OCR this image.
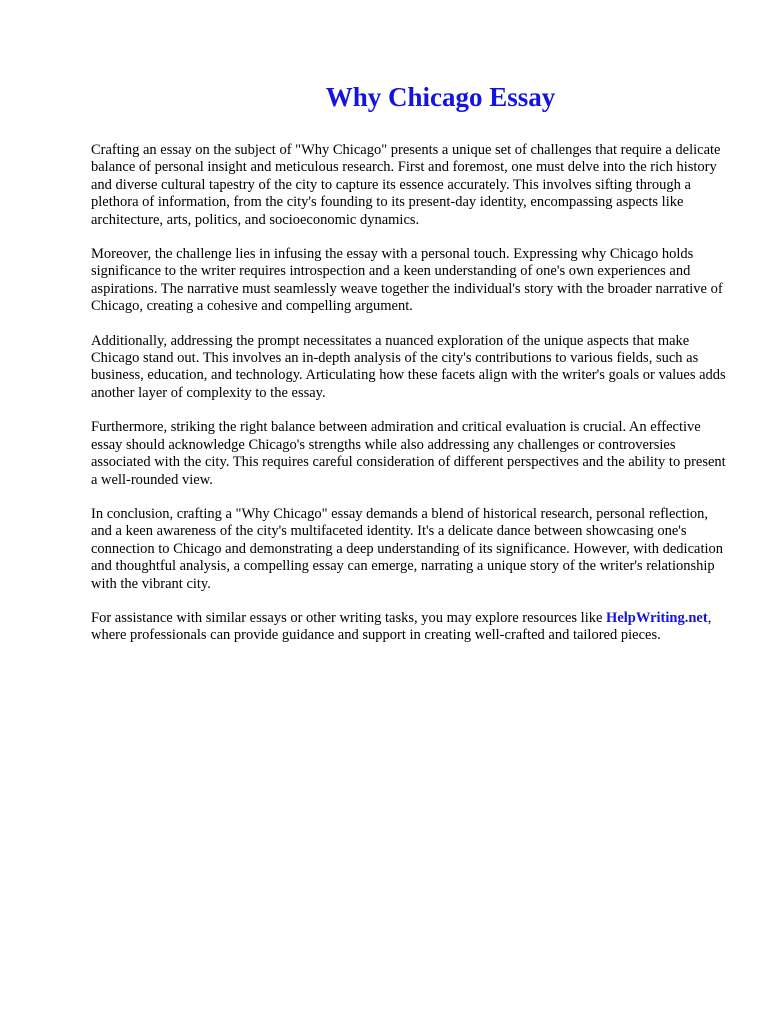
Why Chicago Essay

Crafting an essay on the subject of "Why Chicago" presents a unique set of challenges that require a delicate balance of personal insight and meticulous research. First and foremost, one must delve into the rich history and diverse cultural tapestry of the city to capture its essence accurately. This involves sifting through a plethora of information, from the city's founding to its present-day identity, encompassing aspects like architecture, arts, politics, and socioeconomic dynamics.

Moreover, the challenge lies in infusing the essay with a personal touch. Expressing why Chicago holds significance to the writer requires introspection and a keen understanding of one's own experiences and aspirations. The narrative must seamlessly weave together the individual's story with the broader narrative of Chicago, creating a cohesive and compelling argument.

Additionally, addressing the prompt necessitates a nuanced exploration of the unique aspects that make Chicago stand out. This involves an in-depth analysis of the city's contributions to various fields, such as business, education, and technology. Articulating how these facets align with the writer's goals or values adds another layer of complexity to the essay.

Furthermore, striking the right balance between admiration and critical evaluation is crucial. An effective essay should acknowledge Chicago's strengths while also addressing any challenges or controversies associated with the city. This requires careful consideration of different perspectives and the ability to present a well-rounded view.

In conclusion, crafting a "Why Chicago" essay demands a blend of historical research, personal reflection, and a keen awareness of the city's multifaceted identity. It's a delicate dance between showcasing one's connection to Chicago and demonstrating a deep understanding of its significance. However, with dedication and thoughtful analysis, a compelling essay can emerge, narrating a unique story of the writer's relationship with the vibrant city.

For assistance with similar essays or other writing tasks, you may explore resources like HelpWriting.net, where professionals can provide guidance and support in creating well-crafted and tailored pieces.
